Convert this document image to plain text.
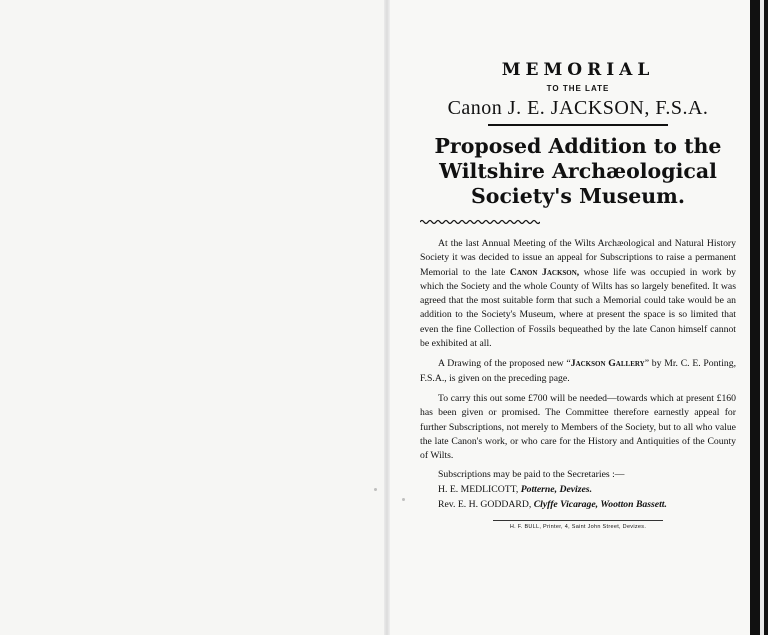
MEMORIAL

TO THE LATE
Canon J. E. JACKSON, F.S.A.
Proposed Addition to the
Wiltshire Archæological
Society's Museum.

At the last Annual Meeting of the Wilts Archæological and Natural History Society it was decided to issue an appeal for Subscriptions to raise a permanent Memorial to the late Canon Jackson, whose life was occupied in work by which the Society and the whole County of Wilts has so largely benefited. It was agreed that the most suitable form that such a Memorial could take would be an addition to the Society's Museum, where at present the space is so limited that even the fine Collection of Fossils bequeathed by the late Canon himself cannot be exhibited at all.

A Drawing of the proposed new “Jackson Gallery” by Mr. C. E. Ponting, F.S.A., is given on the preceding page.

To carry this out some £700 will be needed—towards which at present £160 has been given or promised. The Committee therefore earnestly appeal for further Subscriptions, not merely to Members of the Society, but to all who value the late Canon's work, or who care for the History and Antiquities of the County of Wilts.

Subscriptions may be paid to the Secretaries :—
H. E. MEDLICOTT, Potterne, Devizes.
Rev. E. H. GODDARD, Clyffe Vicarage, Wootton Bassett.
H. F. BULL, Printer, 4, Saint John Street, Devizes.
